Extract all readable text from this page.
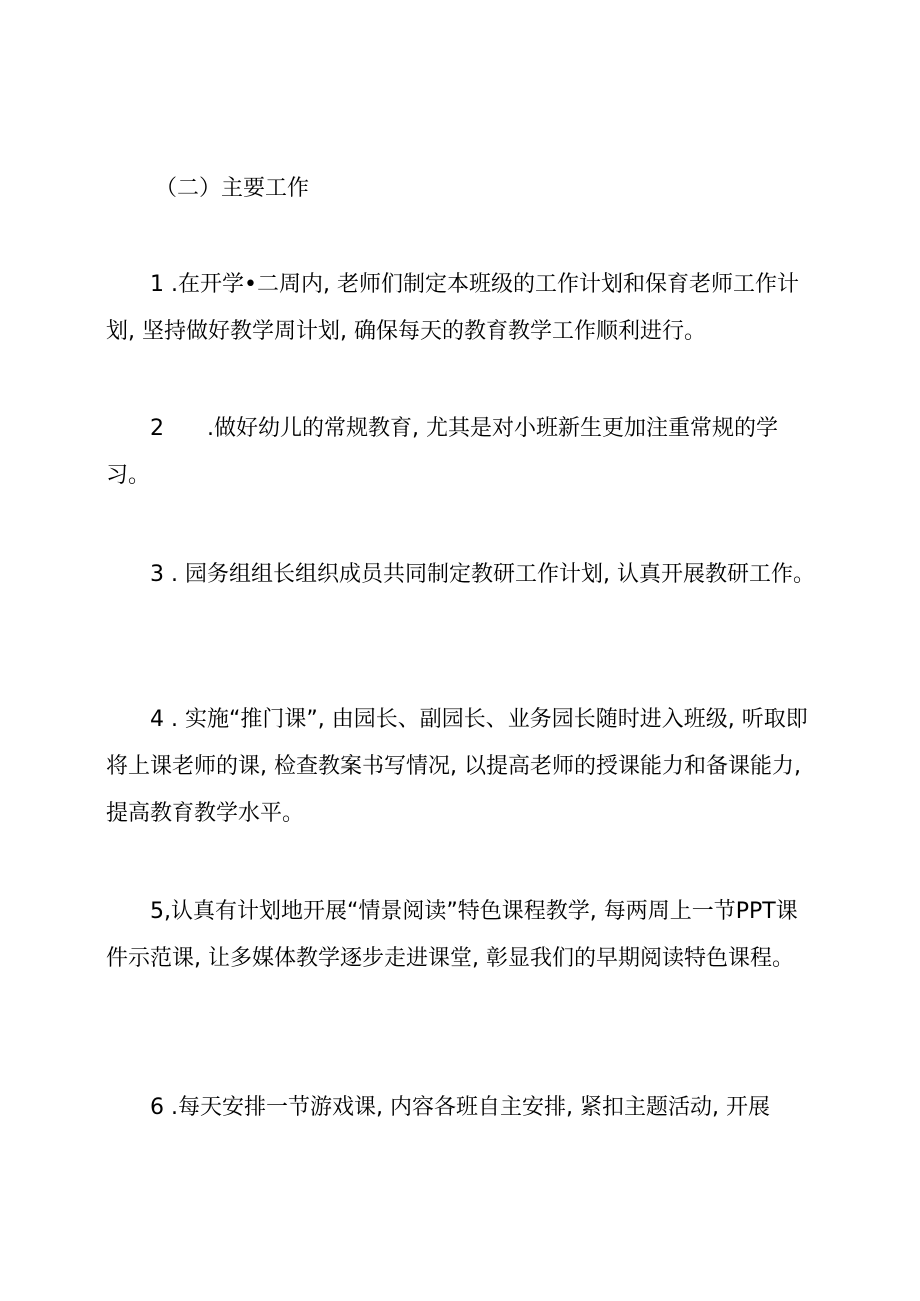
（二）主要工作

1 .在开学•二周内, 老师们制定本班级的工作计划和保育老师工作计划, 坚持做好教学周计划, 确保每天的教育教学工作顺利进行。

2 .做好幼儿的常规教育, 尤其是对小班新生更加注重常规的学习。

3 . 园务组组长组织成员共同制定教研工作计划, 认真开展教研工作。

4 . 实施“推门课”, 由园长、副园长、业务园长随时进入班级, 听取即将上课老师的课, 检查教案书写情况, 以提高老师的授课能力和备课能力, 提高教育教学水平。

5,认真有计划地开展“情景阅读”特色课程教学, 每两周上一节PPT课件示范课, 让多媒体教学逐步走进课堂, 彰显我们的早期阅读特色课程。

6 .每天安排一节游戏课, 内容各班自主安排, 紧扣主题活动, 开展
